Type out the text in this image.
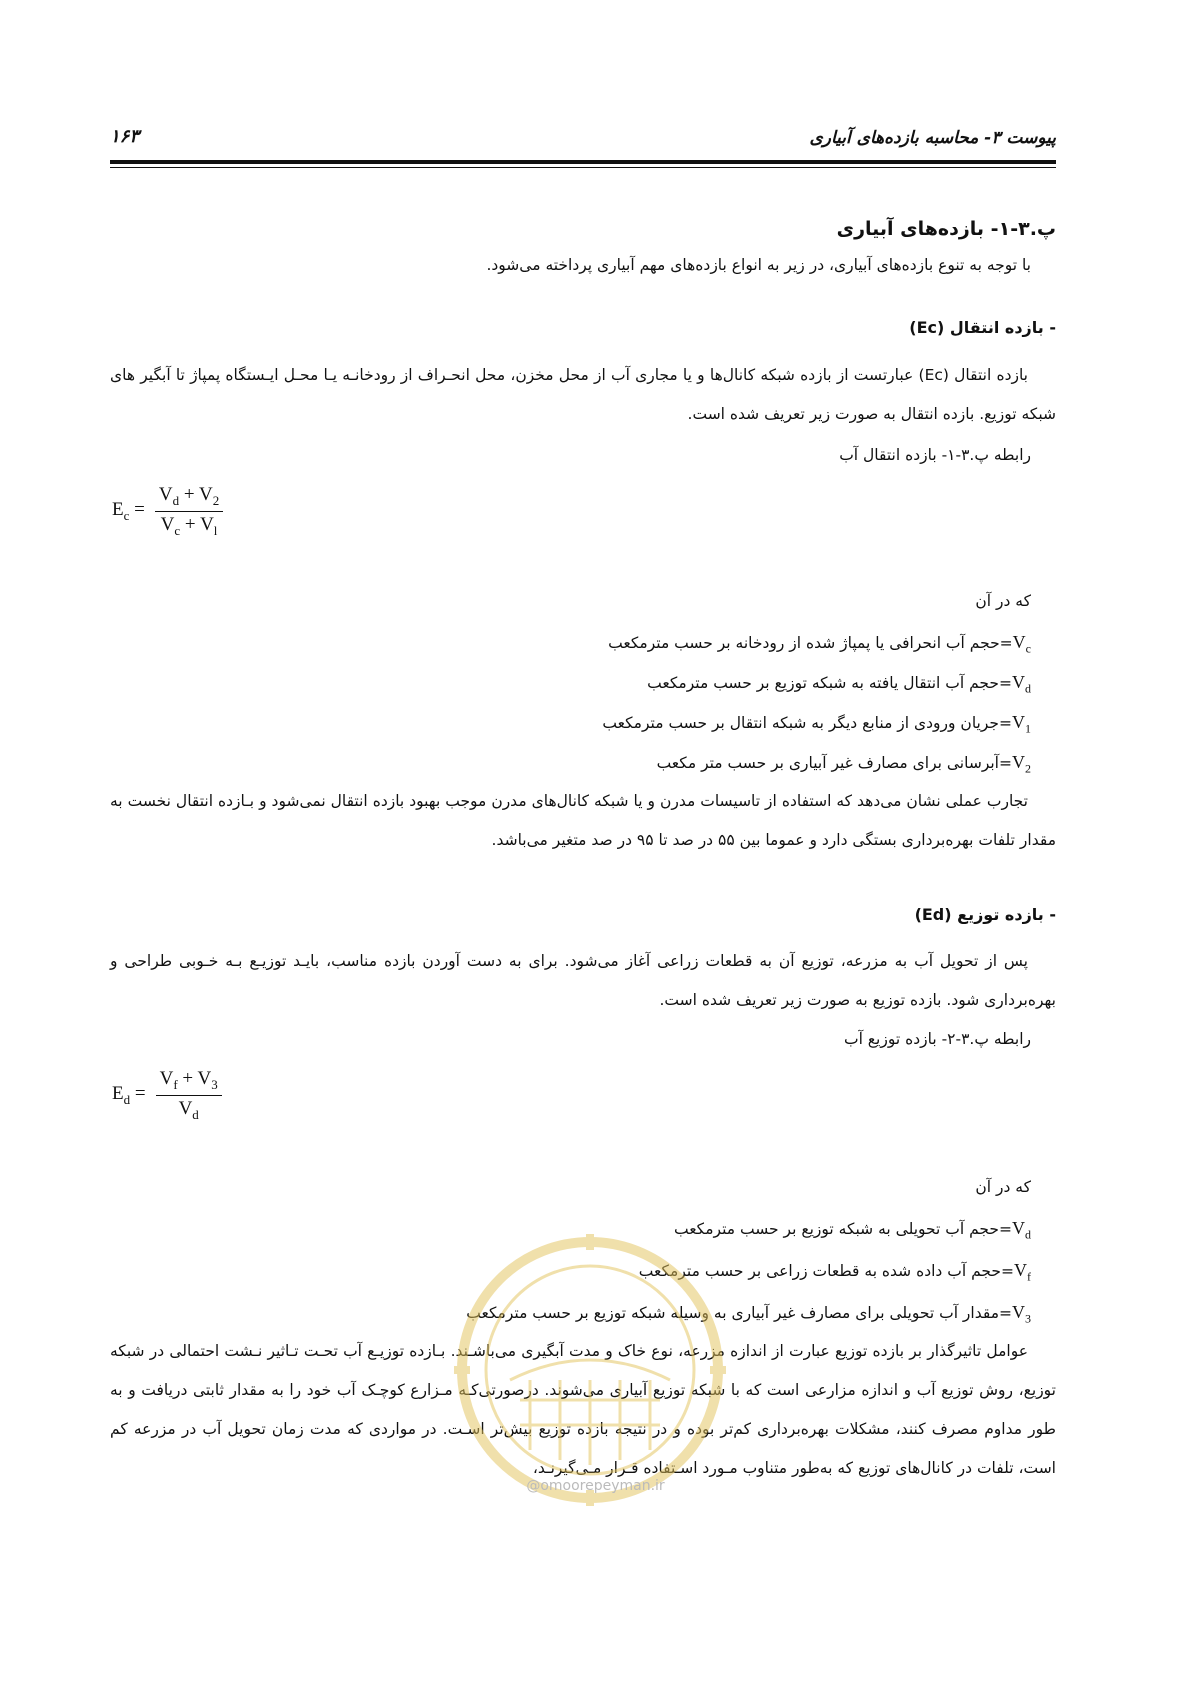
پیوست ۳- محاسبه بازده‌های آبیاری
۱۶۳
پ.۳-۱- بازده‌های آبیاری
با توجه به تنوع بازده‌های آبیاری، در زیر به انواع بازده‌های مهم آبیاری پرداخته می‌شود.
- بازده انتقال (Ec)
بازده انتقال (Ec) عبارتست از بازده شبکه کانال‌ها و یا مجاری آب از محل مخزن، محل انحـراف از رودخانـه یـا محـل ایـستگاه پمپاژ تا آبگیر های شبکه توزیع. بازده انتقال به صورت زیر تعریف شده است.
رابطه پ.۳-۱- بازده انتقال آب
$E_c = \frac{V_d + V_2}{V_c + V_l}$
که در آن
حجم آب انحرافی یا پمپاژ شده از رودخانه بر حسب $مترمکعب=V_c$
حجم آب انتقال یافته به شبکه توزیع بر حسب $مترمکعب=V_d$
جریان ورودی از منابع دیگر به شبکه انتقال بر حسب $مترمکعب=V_1$
آبرسانی برای مصارف غیر آبیاری بر حسب متر $مکعب=V_2$
تجارب عملی نشان می‌دهد که استفاده از تاسیسات مدرن و یا شبکه کانال‌های مدرن موجب بهبود بازده انتقال نمی‌شود و بـازده انتقال نخست به مقدار تلفات بهره‌برداری بستگی دارد و عموما بین ۵۵ در صد تا ۹۵ در صد متغیر می‌باشد.
- بازده توزیع (Ed)
پس از تحویل آب به مزرعه، توزیع آن به قطعات زراعی آغاز می‌شود. برای به دست آوردن بازده مناسب، بایـد توزیـع بـه خـوبی طراحی و بهره‌برداری شود. بازده توزیع به صورت زیر تعریف شده است.
رابطه پ.۳-۲- بازده توزیع آب
$E_d = \frac{V_f + V_3}{V_d}$
که در آن
حجم آب تحویلی به شبکه توزیع بر حسب $مترمکعب=V_d$
حجم آب داده شده به قطعات زراعی بر حسب $مترمکعب=V_f$
مقدار آب تحویلی برای مصارف غیر آبیاری به وسیله شبکه توزیع بر حسب $مترمکعب=V_3$
عوامل تاثیرگذار بر بازده توزیع عبارت از اندازه مزرعه، نوع خاک و مدت آبگیری می‌باشـند. بـازده توزیـع آب تحـت تـاثیر نـشت احتمالی در شبکه توزیع، روش توزیع آب و اندازه مزارعی است که با شبکه توزیع آبیاری می‌شوند. درصورتی‌کـه مـزارع کوچـک آب خود را به مقدار ثابتی دریافت و به طور مداوم مصرف کنند، مشکلات بهره‌برداری کم‌تر بوده و در نتیجه بازده توزیع بیش‌تر اسـت. در مواردی که مدت زمان تحویل آب در مزرعه کم است، تلفات در کانال‌های توزیع که به‌طور متناوب مـورد اسـتفاده قـرار مـی‌گیرنـد،
@omoorepeyman.ir
